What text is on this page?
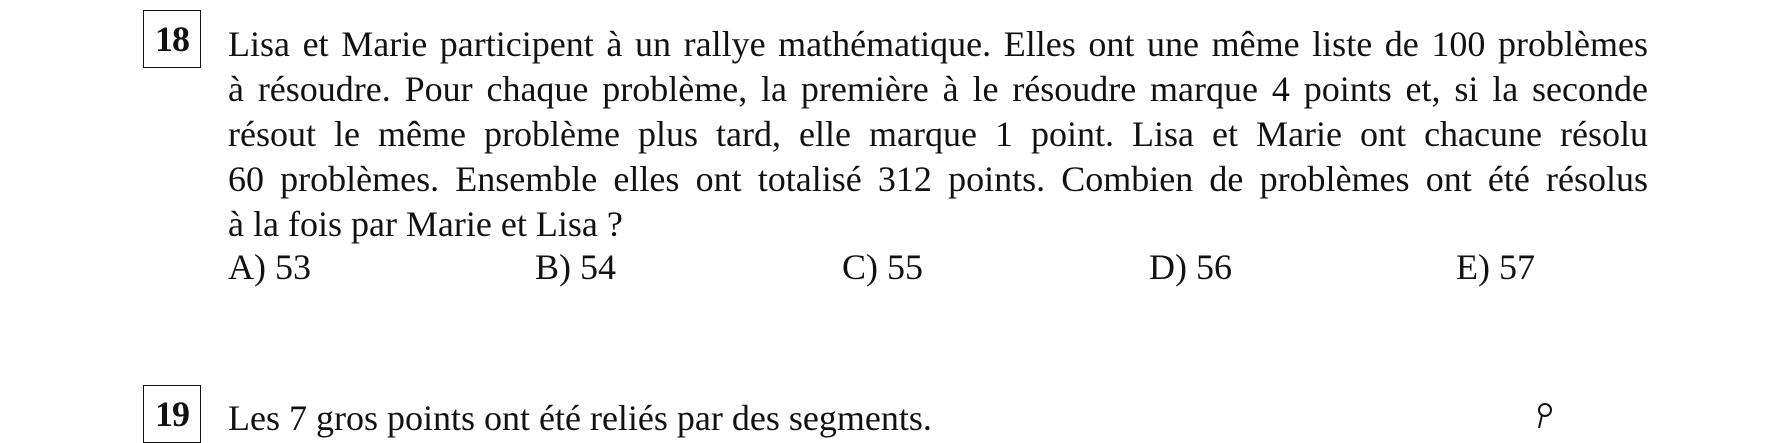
18	Lisa et Marie participent à un rallye mathématique. Elles ont une même liste de 100 problèmes
à résoudre. Pour chaque problème, la première à le résoudre marque 4 points et, si la seconde
résout le même problème plus tard, elle marque 1 point. Lisa et Marie ont chacune résolu
60 problèmes. Ensemble elles ont totalisé 312 points. Combien de problèmes ont été résolus
à la fois par Marie et Lisa ?
A) 53	B) 54	C) 55	D) 56	E) 57
19	Les 7 gros points ont été reliés par des segments.
